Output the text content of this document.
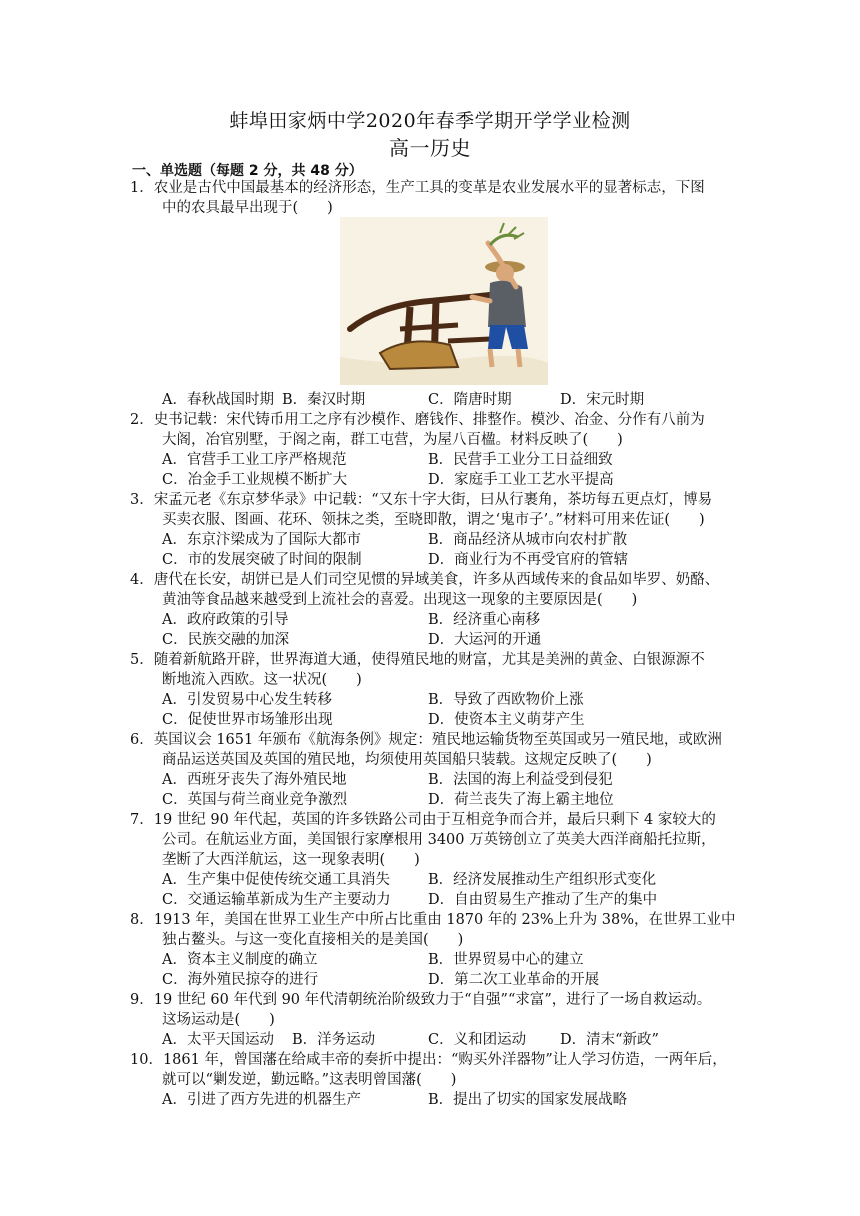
蚌埠田家炳中学2020年春季学期开学学业检测
高一历史
一、单选题（每题 2 分，共 48 分）
1．农业是古代中国最基本的经济形态，生产工具的变革是农业发展水平的显著标志，下图
中的农具最早出现于(　　)
A．春秋战国时期 B．秦汉时期	C．隋唐时期	D．宋元时期
2．史书记载：宋代铸币用工之序有沙模作、磨钱作、排整作。模沙、冶金、分作有八前为
大阁，冶官别墅，于阁之南，群工屯营，为屋八百楹。材料反映了(　　)
A．官营手工业工序严格规范	B．民营手工业分工日益细致
C．冶金手工业规模不断扩大	D．家庭手工业工艺水平提高
3．宋孟元老《东京梦华录》中记载：“又东十字大街，曰从行裹角，茶坊每五更点灯，博易
买卖衣服、图画、花环、领抹之类，至晓即散，谓之‘鬼市子’。”材料可用来佐证(　　)
A．东京汴梁成为了国际大都市	B．商品经济从城市向农村扩散
C．市的发展突破了时间的限制	D．商业行为不再受官府的管辖
4．唐代在长安，胡饼已是人们司空见惯的异域美食，许多从西域传来的食品如毕罗、奶酪、
黄油等食品越来越受到上流社会的喜爱。出现这一现象的主要原因是(　　)
A．政府政策的引导	B．经济重心南移
C．民族交融的加深	D．大运河的开通
5．随着新航路开辟，世界海道大通，使得殖民地的财富，尤其是美洲的黄金、白银源源不
断地流入西欧。这一状况(　　)
A．引发贸易中心发生转移	B．导致了西欧物价上涨
C．促使世界市场雏形出现	D．使资本主义萌芽产生
6．英国议会 1651 年颁布《航海条例》规定：殖民地运输货物至英国或另一殖民地，或欧洲
商品运送英国及英国的殖民地，均须使用英国船只装载。这规定反映了(　　)
A．西班牙丧失了海外殖民地	B．法国的海上利益受到侵犯
C．英国与荷兰商业竞争激烈	D．荷兰丧失了海上霸主地位
7．19 世纪 90 年代起，英国的许多铁路公司由于互相竞争而合并，最后只剩下 4 家较大的
公司。在航运业方面，美国银行家摩根用 3400 万英镑创立了英美大西洋商船托拉斯，
垄断了大西洋航运，这一现象表明(　　)
A．生产集中促使传统交通工具消失	B．经济发展推动生产组织形式变化
C．交通运输革新成为生产主要动力	D．自由贸易生产推动了生产的集中
8．1913 年，美国在世界工业生产中所占比重由 1870 年的 23%上升为 38%，在世界工业中
独占鳌头。与这一变化直接相关的是美国(　　)
A．资本主义制度的确立	B．世界贸易中心的建立
C．海外殖民掠夺的进行	D．第二次工业革命的开展
9．19 世纪 60 年代到 90 年代清朝统治阶级致力于“自强”“求富”，进行了一场自救运动。
这场运动是(　　)
A．太平天国运动 B．洋务运动	C．义和团运动 D．清末“新政”
10．1861 年，曾国藩在给咸丰帝的奏折中提出：“购买外洋器物”让人学习仿造，一两年后，
就可以“剿发逆，勤远略。”这表明曾国藩(　　)
A．引进了西方先进的机器生产	B．提出了切实的国家发展战略
